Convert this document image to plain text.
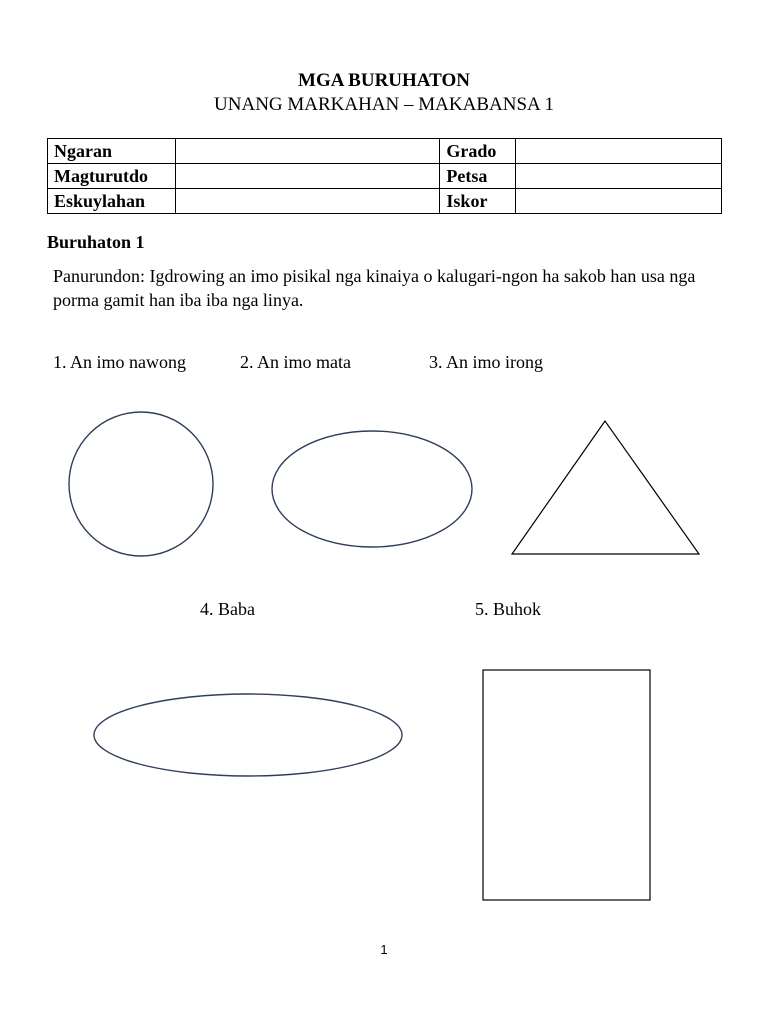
MGA BURUHATON
UNANG MARKAHAN – MAKABANSA 1
Ngaran		Grado	
Magturutdo		Petsa	
Eskuylahan		Iskor	
Buruhaton 1
Panurundon: Igdrowing an imo pisikal nga kinaiya o kalugari-ngon ha sakob han usa nga porma gamit han iba iba nga linya.
1. An imo nawong	2. An imo mata	3. An imo irong
4. Baba	5. Buhok
1
